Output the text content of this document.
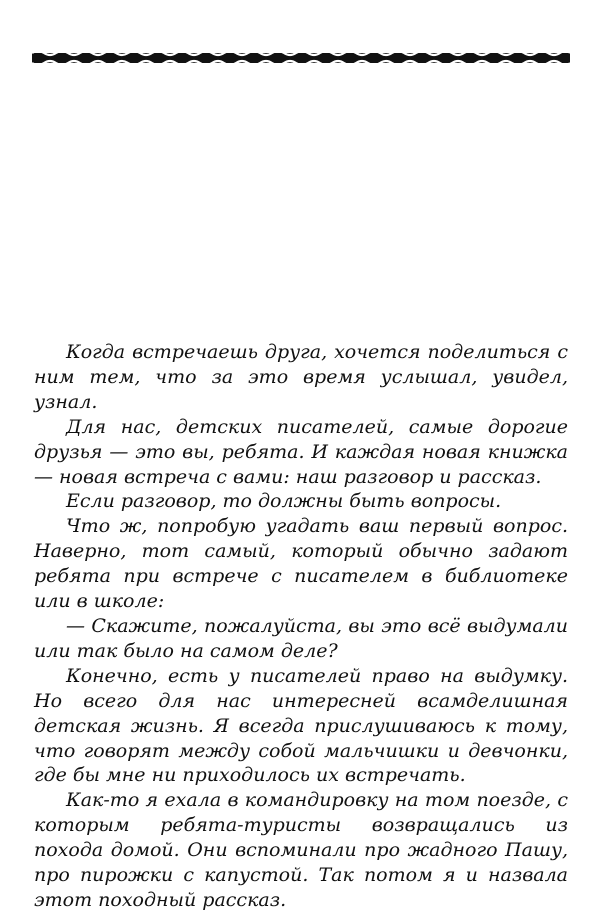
Когда встречаешь друга, хочется поделиться с ним тем, что за это время услышал, увидел, узнал.

Для нас, детских писателей, самые дорогие друзья — это вы, ребята. И каждая новая книжка — новая встреча с вами: наш разговор и рассказ.

Если разговор, то должны быть вопросы.

Что ж, попробую угадать ваш первый вопрос. Наверно, тот самый, который обычно задают ребята при встрече с писателем в библиотеке или в школе:

— Скажите, пожалуйста, вы это всё выдумали или так было на самом деле?

Конечно, есть у писателей право на выдумку. Но всего для нас интересней всамделишная детская жизнь. Я всегда прислушиваюсь к тому, что говорят между собой мальчишки и девчонки, где бы мне ни приходилось их встречать.

Как-то я ехала в командировку на том поезде, с которым ребята-туристы возвращались из похода домой. Они вспоминали про жадного Пашу, про пирожки с капустой. Так потом я и назвала этот походный рассказ.
